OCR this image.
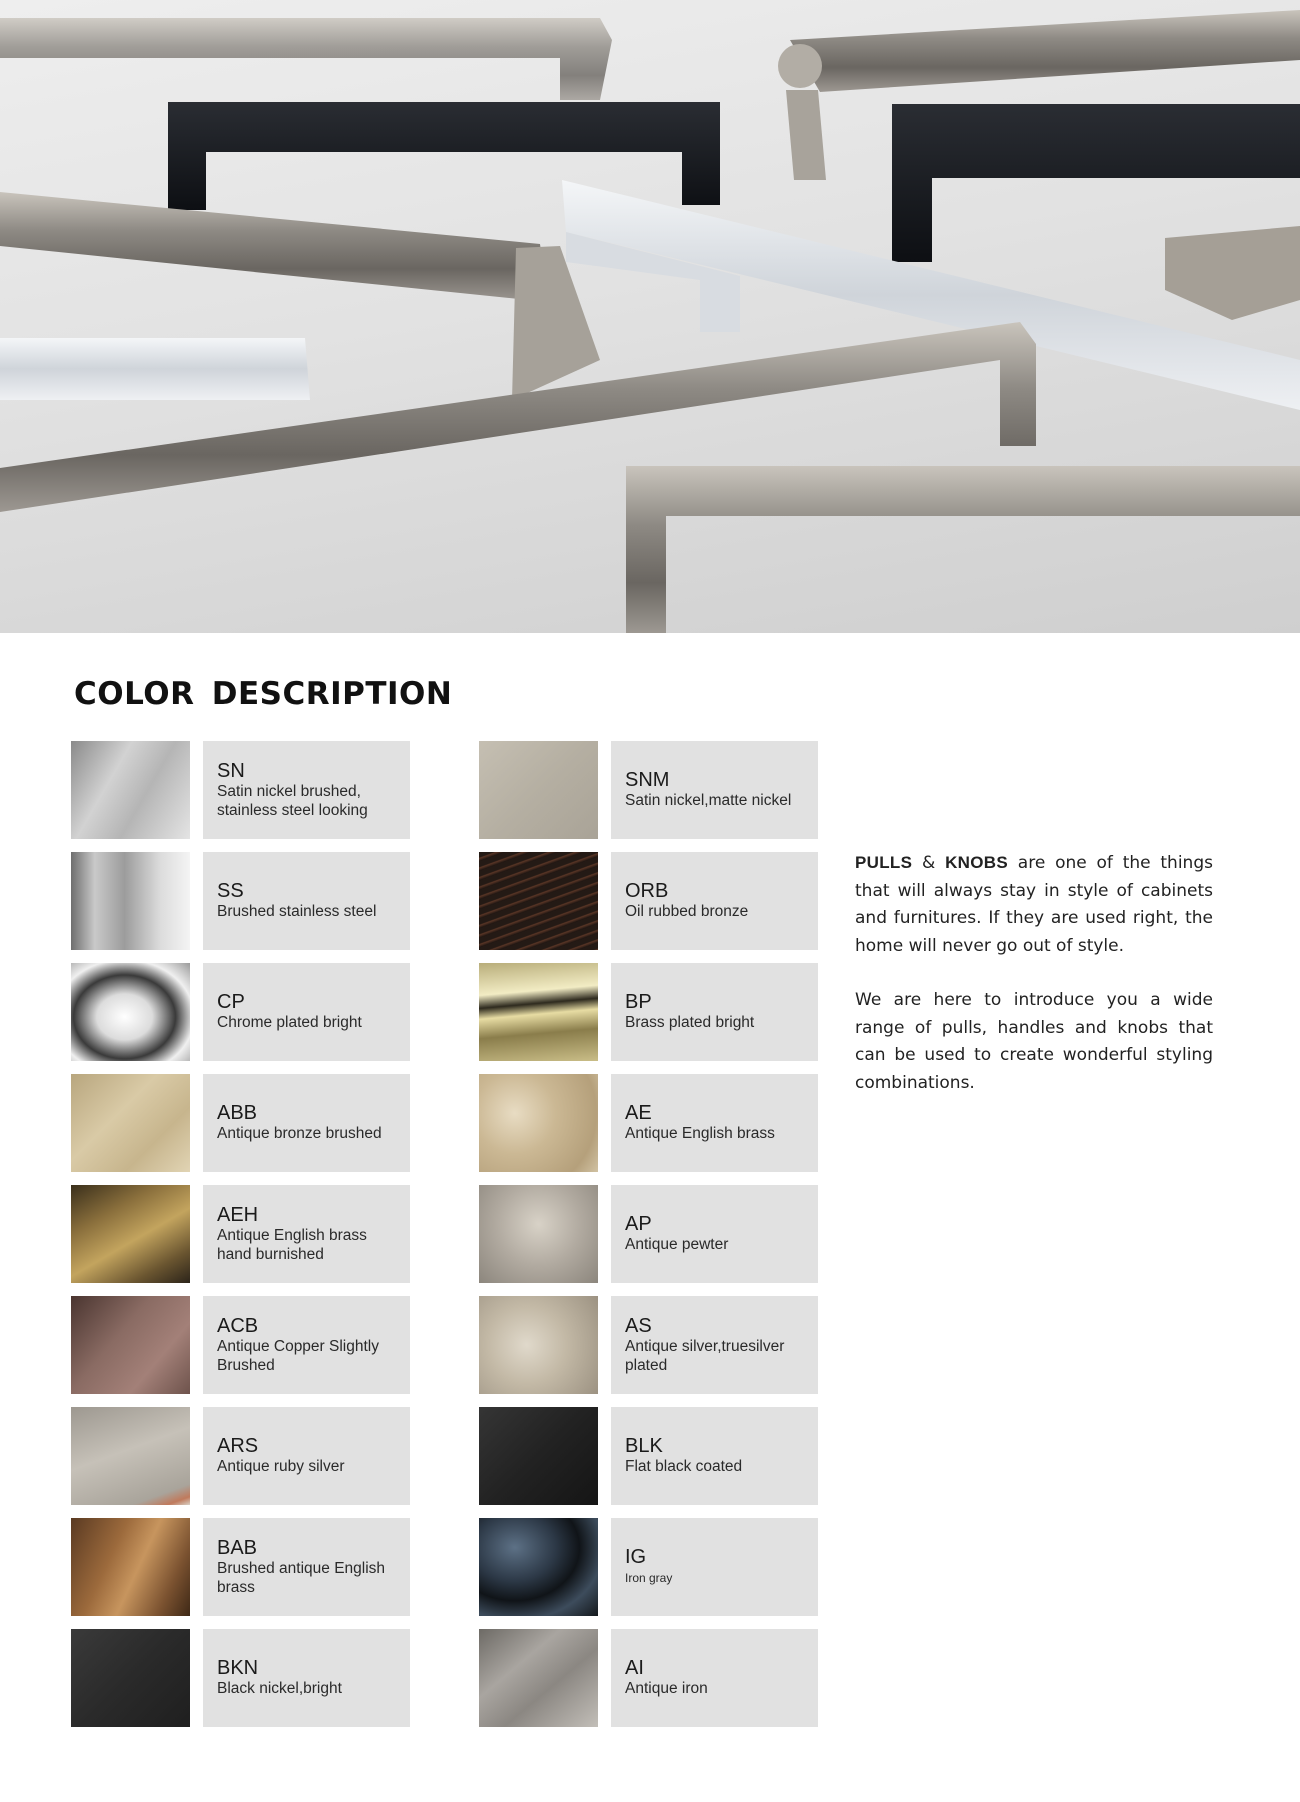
COLOR DESCRIPTION
SN
Satin nickel brushed,
stainless steel looking
SS
Brushed stainless steel
CP
Chrome plated bright
ABB
Antique bronze brushed
AEH
Antique English brass
hand burnished
ACB
Antique Copper Slightly
Brushed
ARS
Antique ruby silver
BAB
Brushed antique English
brass
BKN
Black nickel,bright
SNM
Satin nickel,matte nickel
ORB
Oil rubbed bronze
BP
Brass plated bright
AE
Antique English brass
AP
Antique pewter
AS
Antique silver,truesilver
plated
BLK
Flat black coated
IG
Iron gray
AI
Antique iron

PULLS & KNOBS are one of the things that will always stay in style of cabinets and furnitures. If they are used right, the home will never go out of style.

We are here to introduce you a wide range of pulls, handles and knobs that can be used to create wonderful styling combinations.
